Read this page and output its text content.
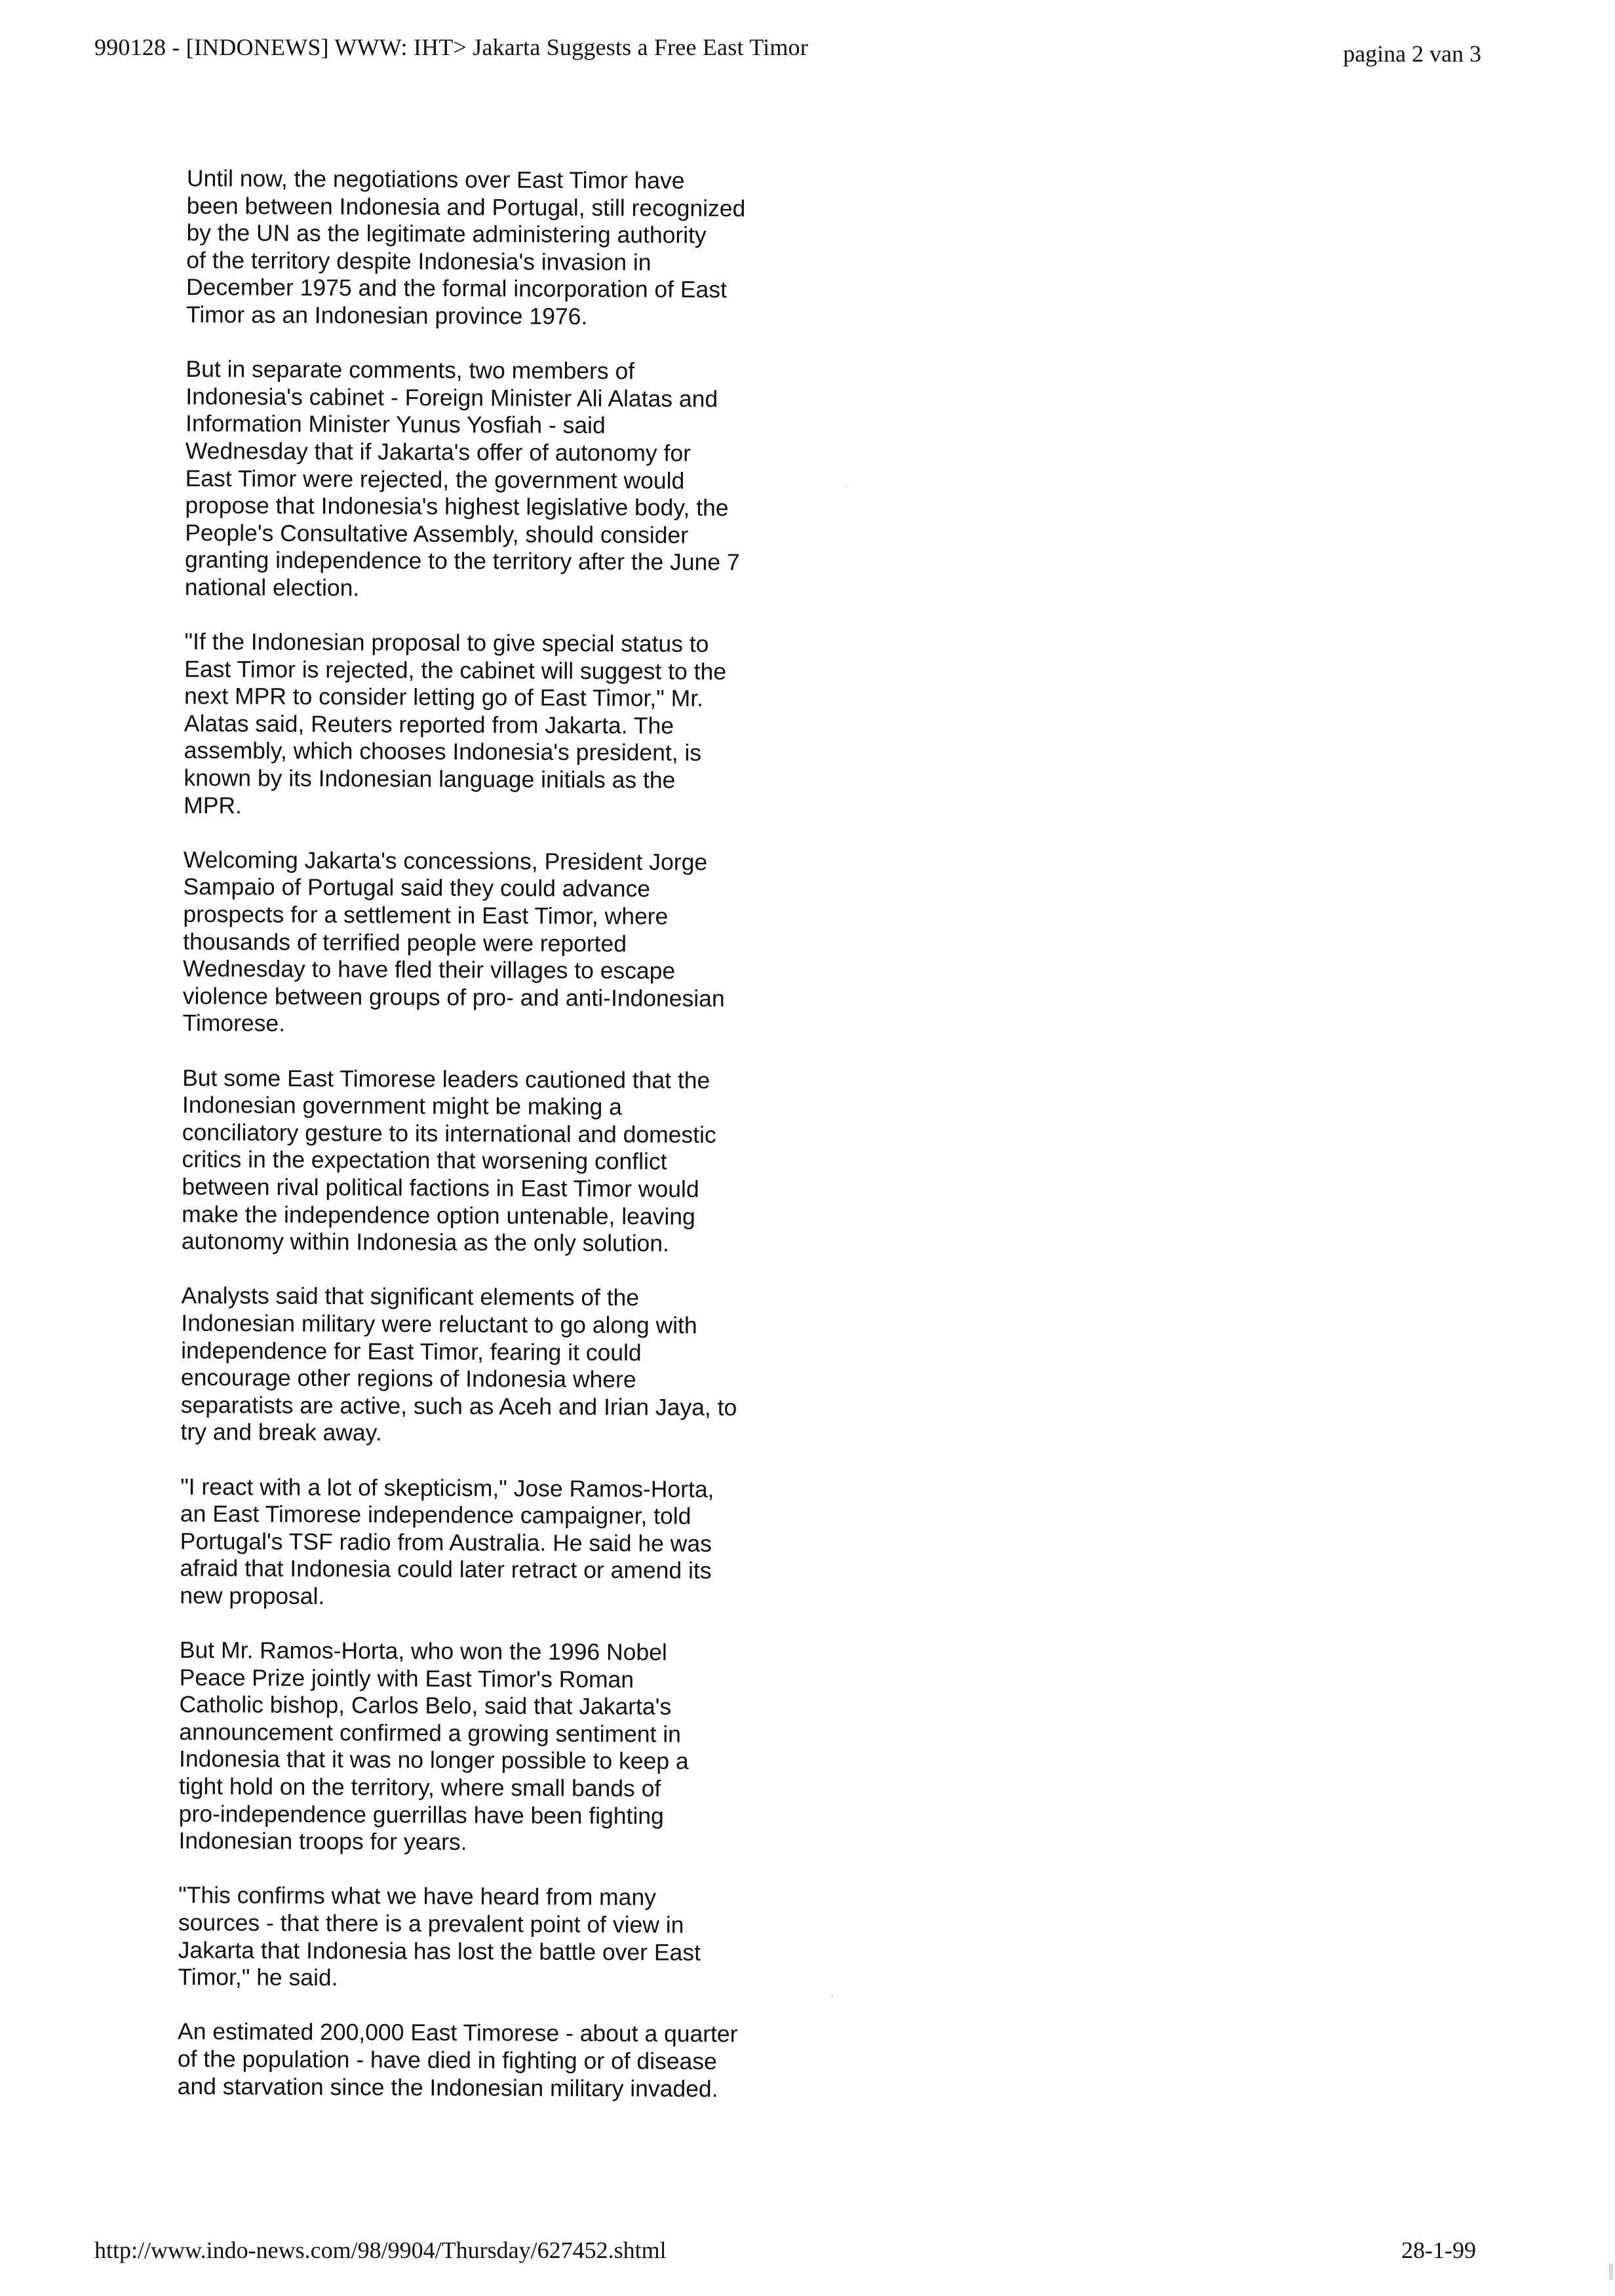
990128 - [INDONEWS] WWW: IHT> Jakarta Suggests a Free East Timor	pagina 2 van 3
Until now, the negotiations over East Timor have
been between Indonesia and Portugal, still recognized
by the UN as the legitimate administering authority
of the territory despite Indonesia's invasion in
December 1975 and the formal incorporation of East
Timor as an Indonesian province 1976.
But in separate comments, two members of
Indonesia's cabinet - Foreign Minister Ali Alatas and
Information Minister Yunus Yosfiah - said
Wednesday that if Jakarta's offer of autonomy for
East Timor were rejected, the government would
propose that Indonesia's highest legislative body, the
People's Consultative Assembly, should consider
granting independence to the territory after the June 7
national election.
"If the Indonesian proposal to give special status to
East Timor is rejected, the cabinet will suggest to the
next MPR to consider letting go of East Timor," Mr.
Alatas said, Reuters reported from Jakarta. The
assembly, which chooses Indonesia's president, is
known by its Indonesian language initials as the
MPR.
Welcoming Jakarta's concessions, President Jorge
Sampaio of Portugal said they could advance
prospects for a settlement in East Timor, where
thousands of terrified people were reported
Wednesday to have fled their villages to escape
violence between groups of pro- and anti-Indonesian
Timorese.
But some East Timorese leaders cautioned that the
Indonesian government might be making a
conciliatory gesture to its international and domestic
critics in the expectation that worsening conflict
between rival political factions in East Timor would
make the independence option untenable, leaving
autonomy within Indonesia as the only solution.
Analysts said that significant elements of the
Indonesian military were reluctant to go along with
independence for East Timor, fearing it could
encourage other regions of Indonesia where
separatists are active, such as Aceh and Irian Jaya, to
try and break away.
"I react with a lot of skepticism," Jose Ramos-Horta,
an East Timorese independence campaigner, told
Portugal's TSF radio from Australia. He said he was
afraid that Indonesia could later retract or amend its
new proposal.
But Mr. Ramos-Horta, who won the 1996 Nobel
Peace Prize jointly with East Timor's Roman
Catholic bishop, Carlos Belo, said that Jakarta's
announcement confirmed a growing sentiment in
Indonesia that it was no longer possible to keep a
tight hold on the territory, where small bands of
pro-independence guerrillas have been fighting
Indonesian troops for years.
"This confirms what we have heard from many
sources - that there is a prevalent point of view in
Jakarta that Indonesia has lost the battle over East
Timor," he said.
An estimated 200,000 East Timorese - about a quarter
of the population - have died in fighting or of disease
and starvation since the Indonesian military invaded.
http://www.indo-news.com/98/9904/Thursday/627452.shtml	28-1-99
